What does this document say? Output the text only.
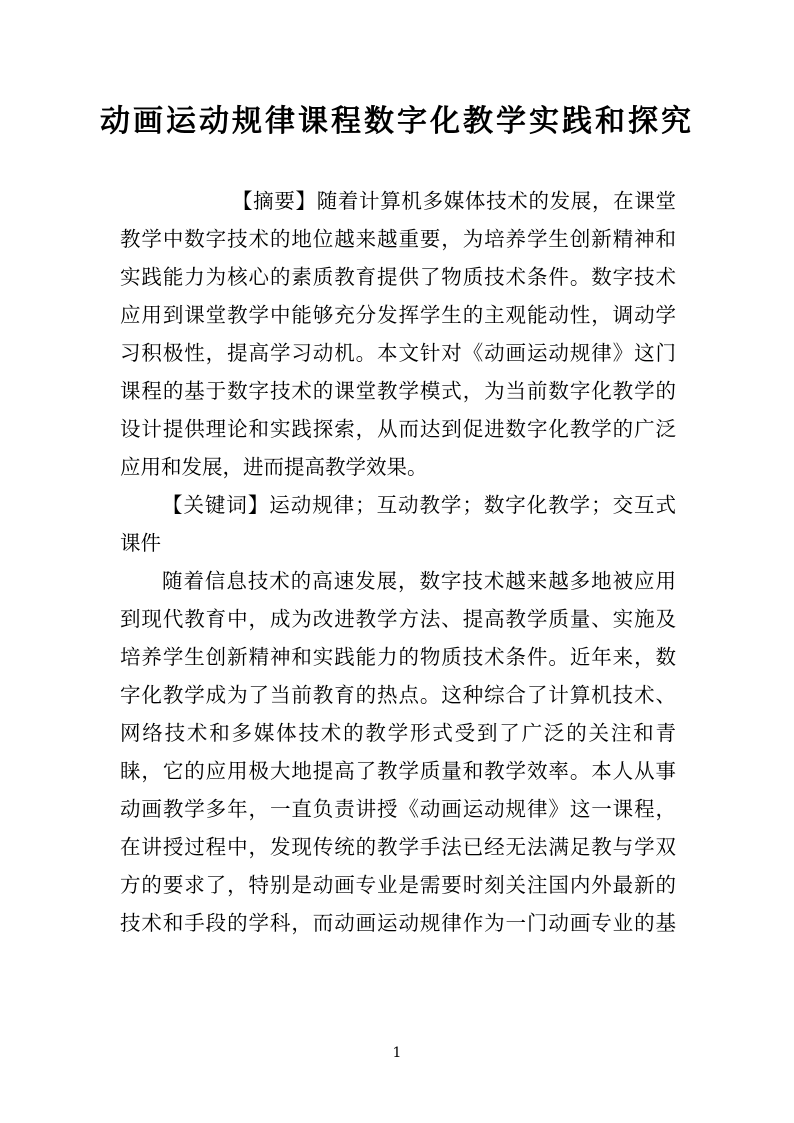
动画运动规律课程数字化教学实践和探究
【摘要】随着计算机多媒体技术的发展，在课堂
教学中数字技术的地位越来越重要，为培养学生创新精神和
实践能力为核心的素质教育提供了物质技术条件。数字技术
应用到课堂教学中能够充分发挥学生的主观能动性，调动学
习积极性，提高学习动机。本文针对《动画运动规律》这门
课程的基于数字技术的课堂教学模式，为当前数字化教学的
设计提供理论和实践探索，从而达到促进数字化教学的广泛
应用和发展，进而提高教学效果。
【关键词】运动规律；互动教学；数字化教学；交互式
课件
随着信息技术的高速发展，数字技术越来越多地被应用
到现代教育中，成为改进教学方法、提高教学质量、实施及
培养学生创新精神和实践能力的物质技术条件。近年来，数
字化教学成为了当前教育的热点。这种综合了计算机技术、
网络技术和多媒体技术的教学形式受到了广泛的关注和青
睐，它的应用极大地提高了教学质量和教学效率。本人从事
动画教学多年，一直负责讲授《动画运动规律》这一课程，
在讲授过程中，发现传统的教学手法已经无法满足教与学双
方的要求了，特别是动画专业是需要时刻关注国内外最新的
技术和手段的学科，而动画运动规律作为一门动画专业的基
1
